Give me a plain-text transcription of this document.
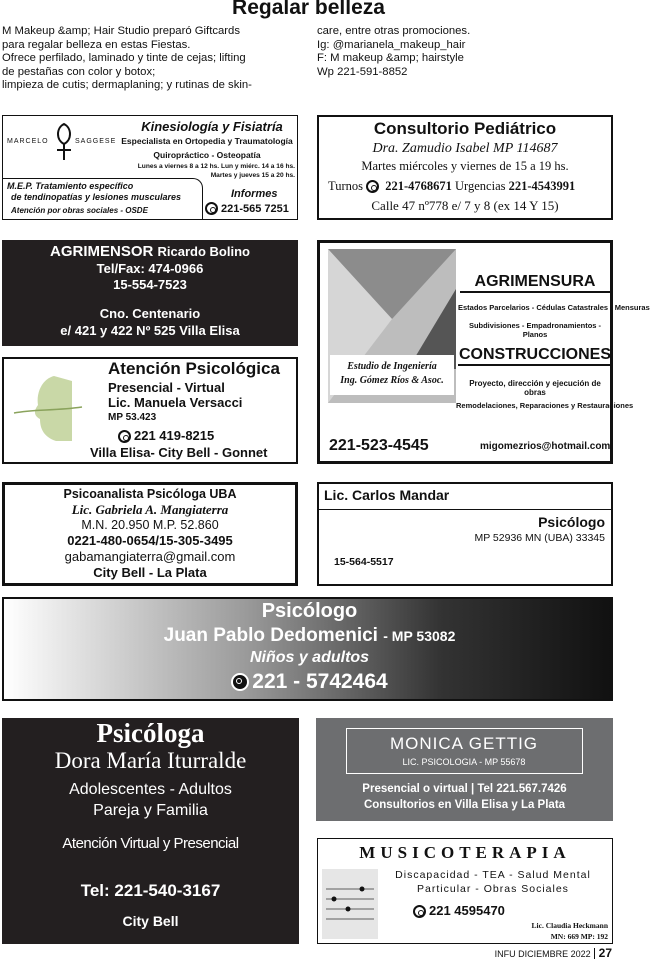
Regalar belleza
M Makeup &amp; Hair Studio preparó Giftcards
para regalar belleza en estas Fiestas.
Ofrece perfilado, laminado y tinte de cejas; lifting
de pestañas con color y botox;
limpieza de cutis; dermaplaning; y rutinas de skin-
care, entre otras promociones.
Ig: @marianela_makeup_hair
F: M makeup &amp; hairstyle
Wp 221-591-8852
MARCELO	SAGGESE
Kinesiología y Fisiatría
Especialista en Ortopedia y Traumatología
Quiropráctico - Osteopatía
Lunes a viernes 8 a 12 hs. Lun y miérc. 14 a 16 hs.
Martes y jueves 15 a 20 hs.
M.E.P. Tratamiento específico
de tendinopatías y lesiones musculares
Atención por obras sociales - OSDE
Informes
221-565 7251
Consultorio Pediátrico
Dra. Zamudio Isabel MP 114687
Martes miércoles y viernes de 15 a 19 hs.
Turnos 221-4768671 Urgencias 221-4543991
Calle 47 nº778 e/ 7 y 8 (ex 14 Y 15)
AGRIMENSOR Ricardo Bolino
Tel/Fax: 474-0966
15-554-7523
Cno. Centenario
e/ 421 y 422 Nº 525 Villa Elisa
Estudio de Ingeniería
Ing. Gómez Ríos & Asoc.
AGRIMENSURA
Estados Parcelarios - Cédulas Catastrales - Mensuras
Subdivisiones - Empadronamientos - Planos
CONSTRUCCIONES
Proyecto, dirección y ejecución de obras
Remodelaciones, Reparaciones y Restauraciones
221-523-4545	migomezrios@hotmail.com
Atención Psicológica
Presencial - Virtual
Lic. Manuela Versacci
MP 53.423
221 419-8215
Villa Elisa- City Bell - Gonnet
Psicoanalista Psicóloga UBA
Lic. Gabriela A. Mangiaterra
M.N. 20.950 M.P. 52.860
0221-480-0654/15-305-3495
gabamangiaterra@gmail.com
City Bell - La Plata
Lic. Carlos Mandar
Psicólogo
MP 52936 MN (UBA) 33345
15-564-5517
Psicólogo
Juan Pablo Dedomenici - MP 53082
Niños y adultos
221 - 5742464
Psicóloga
Dora María Iturralde
Adolescentes - Adultos
Pareja y Familia
Atención Virtual y Presencial
Tel: 221-540-3167
City Bell
MONICA GETTIG
LIC. PSICOLOGIA - MP 55678
Presencial o virtual | Tel 221.567.7426
Consultorios en Villa Elisa y La Plata
MUSICOTERAPIA
Discapacidad - TEA - Salud Mental
Particular - Obras Sociales
221 4595470
Lic. Claudia Heckmann
MN: 669 MP: 192
INFU DICIEMBRE 2022 27
